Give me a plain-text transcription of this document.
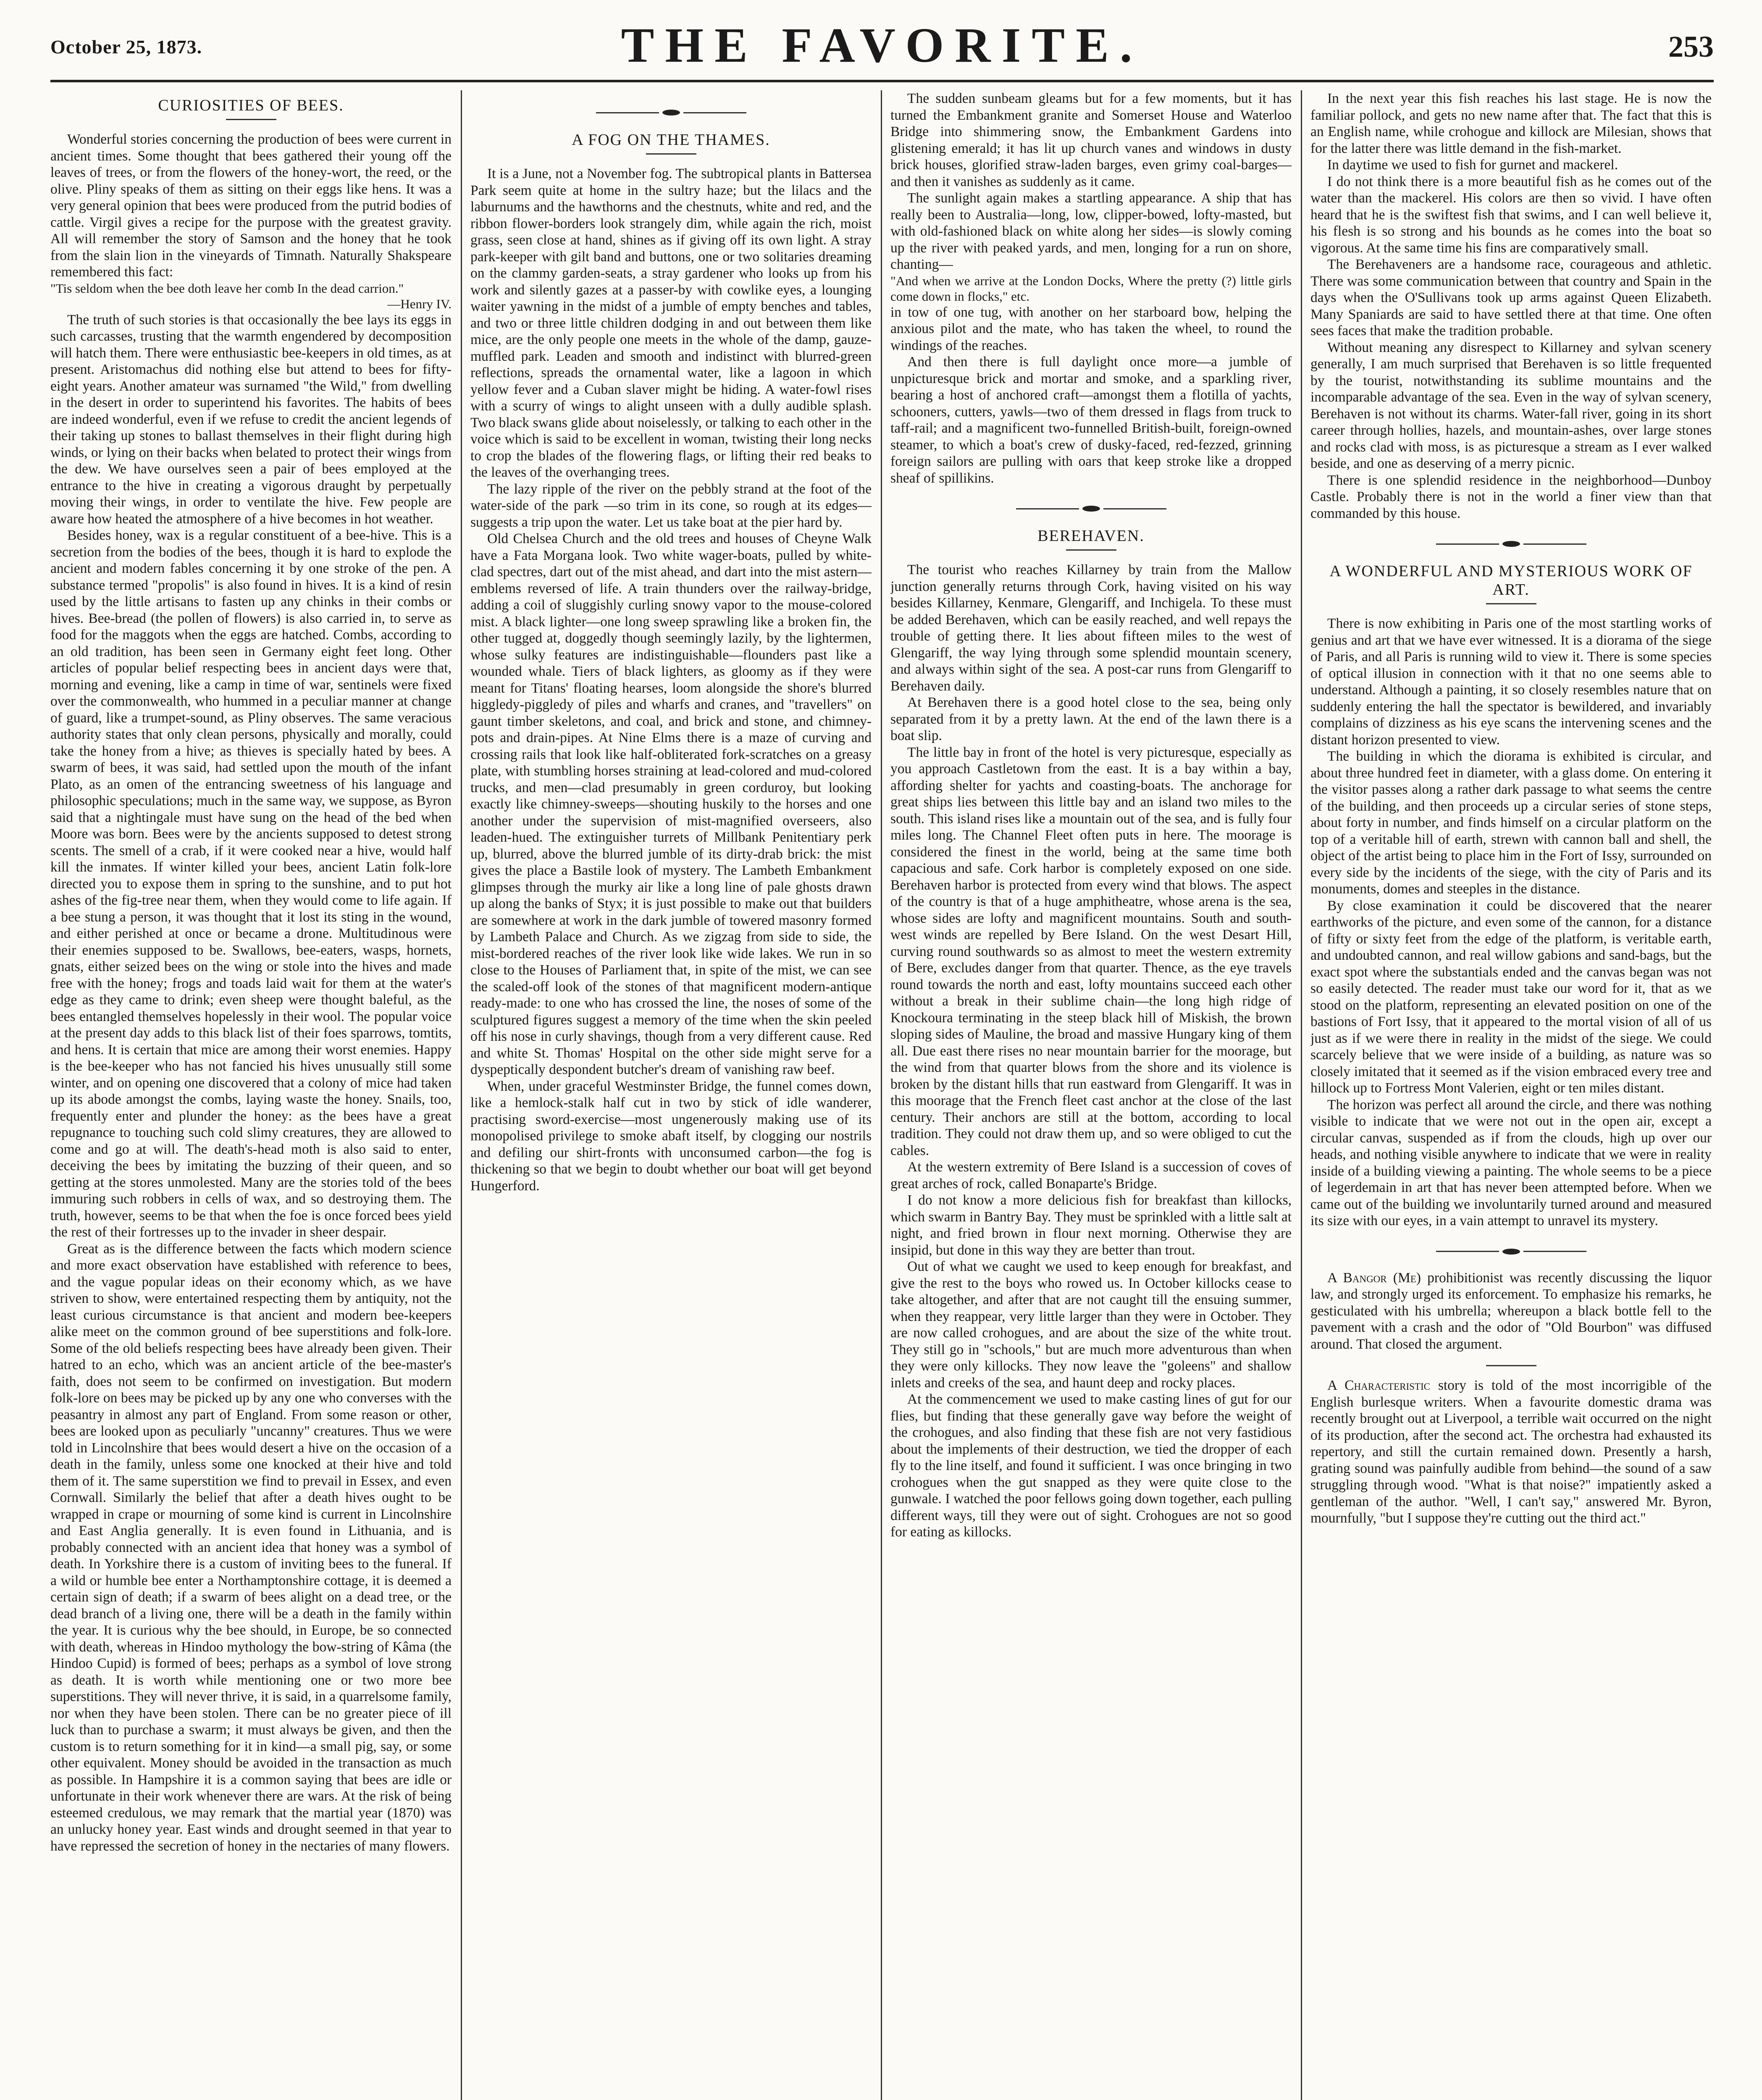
October 25, 1873.	THE FAVORITE.	253
CURIOSITIES OF BEES.

Wonderful stories concerning the production of bees were current in ancient times. Some thought that bees gathered their young off the leaves of trees, or from the flowers of the honey-wort, the reed, or the olive. Pliny speaks of them as sitting on their eggs like hens. It was a very general opinion that bees were produced from the putrid bodies of cattle. Virgil gives a recipe for the purpose with the greatest gravity. All will remember the story of Samson and the honey that he took from the slain lion in the vineyards of Timnath. Naturally Shakspeare remembered this fact:

"Tis seldom when the bee doth leave her comb In the dead carrion."

—Henry IV.

The truth of such stories is that occasionally the bee lays its eggs in such carcasses, trusting that the warmth engendered by decomposition will hatch them. There were enthusiastic bee-keepers in old times, as at present. Aristomachus did nothing else but attend to bees for fifty-eight years. Another amateur was surnamed "the Wild," from dwelling in the desert in order to superintend his favorites. The habits of bees are indeed wonderful, even if we refuse to credit the ancient legends of their taking up stones to ballast themselves in their flight during high winds, or lying on their backs when belated to protect their wings from the dew. We have ourselves seen a pair of bees employed at the entrance to the hive in creating a vigorous draught by perpetually moving their wings, in order to ventilate the hive. Few people are aware how heated the atmosphere of a hive becomes in hot weather.

Besides honey, wax is a regular constituent of a bee-hive. This is a secretion from the bodies of the bees, though it is hard to explode the ancient and modern fables concerning it by one stroke of the pen. A substance termed "propolis" is also found in hives. It is a kind of resin used by the little artisans to fasten up any chinks in their combs or hives. Bee-bread (the pollen of flowers) is also carried in, to serve as food for the maggots when the eggs are hatched. Combs, according to an old tradition, has been seen in Germany eight feet long. Other articles of popular belief respecting bees in ancient days were that, morning and evening, like a camp in time of war, sentinels were fixed over the commonwealth, who hummed in a peculiar manner at change of guard, like a trumpet-sound, as Pliny observes. The same veracious authority states that only clean persons, physically and morally, could take the honey from a hive; as thieves is specially hated by bees. A swarm of bees, it was said, had settled upon the mouth of the infant Plato, as an omen of the entrancing sweetness of his language and philosophic speculations; much in the same way, we suppose, as Byron said that a nightingale must have sung on the head of the bed when Moore was born. Bees were by the ancients supposed to detest strong scents. The smell of a crab, if it were cooked near a hive, would half kill the inmates. If winter killed your bees, ancient Latin folk-lore directed you to expose them in spring to the sunshine, and to put hot ashes of the fig-tree near them, when they would come to life again. If a bee stung a person, it was thought that it lost its sting in the wound, and either perished at once or became a drone. Multitudinous were their enemies supposed to be. Swallows, bee-eaters, wasps, hornets, gnats, either seized bees on the wing or stole into the hives and made free with the honey; frogs and toads laid wait for them at the water's edge as they came to drink; even sheep were thought baleful, as the bees entangled themselves hopelessly in their wool. The popular voice at the present day adds to this black list of their foes sparrows, tomtits, and hens. It is certain that mice are among their worst enemies. Happy is the bee-keeper who has not fancied his hives unusually still some winter, and on opening one discovered that a colony of mice had taken up its abode amongst the combs, laying waste the honey. Snails, too, frequently enter and plunder the honey: as the bees have a great repugnance to touching such cold slimy creatures, they are allowed to come and go at will. The death's-head moth is also said to enter, deceiving the bees by imitating the buzzing of their queen, and so getting at the stores unmolested. Many are the stories told of the bees immuring such robbers in cells of wax, and so destroying them. The truth, however, seems to be that when the foe is once forced bees yield the rest of their fortresses up to the invader in sheer despair.

Great as is the difference between the facts which modern science and more exact observation have established with reference to bees, and the vague popular ideas on their economy which, as we have striven to show, were entertained respecting them by antiquity, not the least curious circumstance is that ancient and modern bee-keepers alike meet on the common ground of bee superstitions and folk-lore. Some of the old beliefs respecting bees have already been given. Their hatred to an echo, which was an ancient article of the bee-master's faith, does not seem to be confirmed on investigation. But modern folk-lore on bees may be picked up by any one who converses with the peasantry in almost any part of England. From some reason or other, bees are looked upon as peculiarly "uncanny" creatures. Thus we were told in Lincolnshire that bees would desert a hive on the occasion of a death in the family, unless some one knocked at their hive and told them of it. The same superstition we find to prevail in Essex, and even Cornwall. Similarly the belief that after a death hives ought to be wrapped in crape or mourning of some kind is current in Lincolnshire and East Anglia generally. It is even found in Lithuania, and is probably connected with an ancient idea that honey was a symbol of death. In Yorkshire there is a custom of inviting bees to the funeral. If a wild or humble bee enter a Northamptonshire cottage, it is deemed a certain sign of death; if a swarm of bees alight on a dead tree, or the dead branch of a living one, there will be a death in the family within the year. It is curious why the bee should, in Europe, be so connected with death, whereas in Hindoo mythology the bow-string of Kâma (the Hindoo Cupid) is formed of bees; perhaps as a symbol of love strong as death. It is worth while mentioning one or two more bee superstitions. They will never thrive, it is said, in a quarrelsome family, nor when they have been stolen. There can be no greater piece of ill luck than to purchase a swarm; it must always be given, and then the custom is to return something for it in kind—a small pig, say, or some other equivalent. Money should be avoided in the transaction as much as possible. In Hampshire it is a common saying that bees are idle or unfortunate in their work whenever there are wars. At the risk of being esteemed credulous, we may remark that the martial year (1870) was an unlucky honey year. East winds and drought seemed in that year to have repressed the secretion of honey in the nectaries of many flowers.

A FOG ON THE THAMES.

It is a June, not a November fog. The subtropical plants in Battersea Park seem quite at home in the sultry haze; but the lilacs and the laburnums and the hawthorns and the chestnuts, white and red, and the ribbon flower-borders look strangely dim, while again the rich, moist grass, seen close at hand, shines as if giving off its own light. A stray park-keeper with gilt band and buttons, one or two solitaries dreaming on the clammy garden-seats, a stray gardener who looks up from his work and silently gazes at a passer-by with cowlike eyes, a lounging waiter yawning in the midst of a jumble of empty benches and tables, and two or three little children dodging in and out between them like mice, are the only people one meets in the whole of the damp, gauze-muffled park. Leaden and smooth and indistinct with blurred-green reflections, spreads the ornamental water, like a lagoon in which yellow fever and a Cuban slaver might be hiding. A water-fowl rises with a scurry of wings to alight unseen with a dully audible splash. Two black swans glide about noiselessly, or talking to each other in the voice which is said to be excellent in woman, twisting their long necks to crop the blades of the flowering flags, or lifting their red beaks to the leaves of the overhanging trees.

The lazy ripple of the river on the pebbly strand at the foot of the water-side of the park —so trim in its cone, so rough at its edges—suggests a trip upon the water. Let us take boat at the pier hard by.

Old Chelsea Church and the old trees and houses of Cheyne Walk have a Fata Morgana look. Two white wager-boats, pulled by white-clad spectres, dart out of the mist ahead, and dart into the mist astern—emblems reversed of life. A train thunders over the railway-bridge, adding a coil of sluggishly curling snowy vapor to the mouse-colored mist. A black lighter—one long sweep sprawling like a broken fin, the other tugged at, doggedly though seemingly lazily, by the lightermen, whose sulky features are indistinguishable—flounders past like a wounded whale. Tiers of black lighters, as gloomy as if they were meant for Titans' floating hearses, loom alongside the shore's blurred higgledy-piggledy of piles and wharfs and cranes, and "travellers" on gaunt timber skeletons, and coal, and brick and stone, and chimney-pots and drain-pipes. At Nine Elms there is a maze of curving and crossing rails that look like half-obliterated fork-scratches on a greasy plate, with stumbling horses straining at lead-colored and mud-colored trucks, and men—clad presumably in green corduroy, but looking exactly like chimney-sweeps—shouting huskily to the horses and one another under the supervision of mist-magnified overseers, also leaden-hued. The extinguisher turrets of Millbank Penitentiary perk up, blurred, above the blurred jumble of its dirty-drab brick: the mist gives the place a Bastile look of mystery. The Lambeth Embankment glimpses through the murky air like a long line of pale ghosts drawn up along the banks of Styx; it is just possible to make out that builders are somewhere at work in the dark jumble of towered masonry formed by Lambeth Palace and Church. As we zigzag from side to side, the mist-bordered reaches of the river look like wide lakes. We run in so close to the Houses of Parliament that, in spite of the mist, we can see the scaled-off look of the stones of that magnificent modern-antique ready-made: to one who has crossed the line, the noses of some of the sculptured figures suggest a memory of the time when the skin peeled off his nose in curly shavings, though from a very different cause. Red and white St. Thomas' Hospital on the other side might serve for a dyspeptically despondent butcher's dream of vanishing raw beef.

When, under graceful Westminster Bridge, the funnel comes down, like a hemlock-stalk half cut in two by stick of idle wanderer, practising sword-exercise—most ungenerously making use of its monopolised privilege to smoke abaft itself, by clogging our nostrils and defiling our shirt-fronts with unconsumed carbon—the fog is thickening so that we begin to doubt whether our boat will get beyond Hungerford.

The sudden sunbeam gleams but for a few moments, but it has turned the Embankment granite and Somerset House and Waterloo Bridge into shimmering snow, the Embankment Gardens into glistening emerald; it has lit up church vanes and windows in dusty brick houses, glorified straw-laden barges, even grimy coal-barges—and then it vanishes as suddenly as it came.

The sunlight again makes a startling appearance. A ship that has really been to Australia—long, low, clipper-bowed, lofty-masted, but with old-fashioned black on white along her sides—is slowly coming up the river with peaked yards, and men, longing for a run on shore, chanting—

"And when we arrive at the London Docks, Where the pretty (?) little girls come down in flocks," etc.

in tow of one tug, with another on her starboard bow, helping the anxious pilot and the mate, who has taken the wheel, to round the windings of the reaches.

And then there is full daylight once more—a jumble of unpicturesque brick and mortar and smoke, and a sparkling river, bearing a host of anchored craft—amongst them a flotilla of yachts, schooners, cutters, yawls—two of them dressed in flags from truck to taff-rail; and a magnificent two-funnelled British-built, foreign-owned steamer, to which a boat's crew of dusky-faced, red-fezzed, grinning foreign sailors are pulling with oars that keep stroke like a dropped sheaf of spillikins.

BEREHAVEN.

The tourist who reaches Killarney by train from the Mallow junction generally returns through Cork, having visited on his way besides Killarney, Kenmare, Glengariff, and Inchigela. To these must be added Berehaven, which can be easily reached, and well repays the trouble of getting there. It lies about fifteen miles to the west of Glengariff, the way lying through some splendid mountain scenery, and always within sight of the sea. A post-car runs from Glengariff to Berehaven daily.

At Berehaven there is a good hotel close to the sea, being only separated from it by a pretty lawn. At the end of the lawn there is a boat slip.

The little bay in front of the hotel is very picturesque, especially as you approach Castletown from the east. It is a bay within a bay, affording shelter for yachts and coasting-boats. The anchorage for great ships lies between this little bay and an island two miles to the south. This island rises like a mountain out of the sea, and is fully four miles long. The Channel Fleet often puts in here. The moorage is considered the finest in the world, being at the same time both capacious and safe. Cork harbor is completely exposed on one side. Berehaven harbor is protected from every wind that blows. The aspect of the country is that of a huge amphitheatre, whose arena is the sea, whose sides are lofty and magnificent mountains. South and south-west winds are repelled by Bere Island. On the west Desart Hill, curving round southwards so as almost to meet the western extremity of Bere, excludes danger from that quarter. Thence, as the eye travels round towards the north and east, lofty mountains succeed each other without a break in their sublime chain—the long high ridge of Knockoura terminating in the steep black hill of Miskish, the brown sloping sides of Mauline, the broad and massive Hungary king of them all. Due east there rises no near mountain barrier for the moorage, but the wind from that quarter blows from the shore and its violence is broken by the distant hills that run eastward from Glengariff. It was in this moorage that the French fleet cast anchor at the close of the last century. Their anchors are still at the bottom, according to local tradition. They could not draw them up, and so were obliged to cut the cables.

At the western extremity of Bere Island is a succession of coves of great arches of rock, called Bonaparte's Bridge.

I do not know a more delicious fish for breakfast than killocks, which swarm in Bantry Bay. They must be sprinkled with a little salt at night, and fried brown in flour next morning. Otherwise they are insipid, but done in this way they are better than trout.

Out of what we caught we used to keep enough for breakfast, and give the rest to the boys who rowed us. In October killocks cease to take altogether, and after that are not caught till the ensuing summer, when they reappear, very little larger than they were in October. They are now called crohogues, and are about the size of the white trout. They still go in "schools," but are much more adventurous than when they were only killocks. They now leave the "goleens" and shallow inlets and creeks of the sea, and haunt deep and rocky places.

At the commencement we used to make casting lines of gut for our flies, but finding that these generally gave way before the weight of the crohogues, and also finding that these fish are not very fastidious about the implements of their destruction, we tied the dropper of each fly to the line itself, and found it sufficient. I was once bringing in two crohogues when the gut snapped as they were quite close to the gunwale. I watched the poor fellows going down together, each pulling different ways, till they were out of sight. Crohogues are not so good for eating as killocks.

In the next year this fish reaches his last stage. He is now the familiar pollock, and gets no new name after that. The fact that this is an English name, while crohogue and killock are Milesian, shows that for the latter there was little demand in the fish-market.

In daytime we used to fish for gurnet and mackerel.

I do not think there is a more beautiful fish as he comes out of the water than the mackerel. His colors are then so vivid. I have often heard that he is the swiftest fish that swims, and I can well believe it, his flesh is so strong and his bounds as he comes into the boat so vigorous. At the same time his fins are comparatively small.

The Berehaveners are a handsome race, courageous and athletic. There was some communication between that country and Spain in the days when the O'Sullivans took up arms against Queen Elizabeth. Many Spaniards are said to have settled there at that time. One often sees faces that make the tradition probable.

Without meaning any disrespect to Killarney and sylvan scenery generally, I am much surprised that Berehaven is so little frequented by the tourist, notwithstanding its sublime mountains and the incomparable advantage of the sea. Even in the way of sylvan scenery, Berehaven is not without its charms. Water-fall river, going in its short career through hollies, hazels, and mountain-ashes, over large stones and rocks clad with moss, is as picturesque a stream as I ever walked beside, and one as deserving of a merry picnic.

There is one splendid residence in the neighborhood—Dunboy Castle. Probably there is not in the world a finer view than that commanded by this house.

A WONDERFUL AND MYSTERIOUS WORK OF ART.

There is now exhibiting in Paris one of the most startling works of genius and art that we have ever witnessed. It is a diorama of the siege of Paris, and all Paris is running wild to view it. There is some species of optical illusion in connection with it that no one seems able to understand. Although a painting, it so closely resembles nature that on suddenly entering the hall the spectator is bewildered, and invariably complains of dizziness as his eye scans the intervening scenes and the distant horizon presented to view.

The building in which the diorama is exhibited is circular, and about three hundred feet in diameter, with a glass dome. On entering it the visitor passes along a rather dark passage to what seems the centre of the building, and then proceeds up a circular series of stone steps, about forty in number, and finds himself on a circular platform on the top of a veritable hill of earth, strewn with cannon ball and shell, the object of the artist being to place him in the Fort of Issy, surrounded on every side by the incidents of the siege, with the city of Paris and its monuments, domes and steeples in the distance.

By close examination it could be discovered that the nearer earthworks of the picture, and even some of the cannon, for a distance of fifty or sixty feet from the edge of the platform, is veritable earth, and undoubted cannon, and real willow gabions and sand-bags, but the exact spot where the substantials ended and the canvas began was not so easily detected. The reader must take our word for it, that as we stood on the platform, representing an elevated position on one of the bastions of Fort Issy, that it appeared to the mortal vision of all of us just as if we were there in reality in the midst of the siege. We could scarcely believe that we were inside of a building, as nature was so closely imitated that it seemed as if the vision embraced every tree and hillock up to Fortress Mont Valerien, eight or ten miles distant.

The horizon was perfect all around the circle, and there was nothing visible to indicate that we were not out in the open air, except a circular canvas, suspended as if from the clouds, high up over our heads, and nothing visible anywhere to indicate that we were in reality inside of a building viewing a painting. The whole seems to be a piece of legerdemain in art that has never been attempted before. When we came out of the building we involuntarily turned around and measured its size with our eyes, in a vain attempt to unravel its mystery.

A Bangor (Me) prohibitionist was recently discussing the liquor law, and strongly urged its enforcement. To emphasize his remarks, he gesticulated with his umbrella; whereupon a black bottle fell to the pavement with a crash and the odor of "Old Bourbon" was diffused around. That closed the argument.

A Characteristic story is told of the most incorrigible of the English burlesque writers. When a favourite domestic drama was recently brought out at Liverpool, a terrible wait occurred on the night of its production, after the second act. The orchestra had exhausted its repertory, and still the curtain remained down. Presently a harsh, grating sound was painfully audible from behind—the sound of a saw struggling through wood. "What is that noise?" impatiently asked a gentleman of the author. "Well, I can't say," answered Mr. Byron, mournfully, "but I suppose they're cutting out the third act."
